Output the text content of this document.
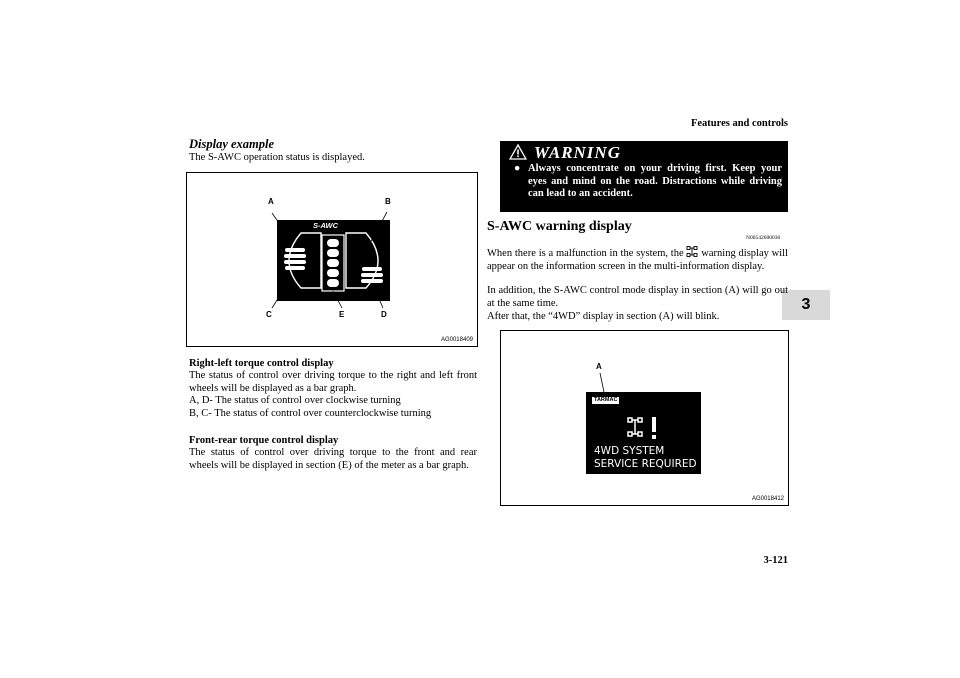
Features and controls
3
Display example
The S-AWC operation status is displayed.
A	B
C	E	D
S-AWC
AG0018409
Right-left torque control display
The status of control over driving torque to the right and left front wheels will be displayed as a bar graph.
A, D- The status of control over clockwise turning
B, C- The status of control over counterclockwise turning
Front-rear torque control display
The status of control over driving torque to the front and rear wheels will be displayed in section (E) of the meter as a bar graph.
WARNING
● Always concentrate on your driving first. Keep your eyes and mind on the road. Distractions while driving can lead to an accident.
S-AWC warning display
N00542600036
When there is a malfunction in the system, the warning display will appear on the information screen in the multi-information display.
In addition, the S-AWC control mode display in section (A) will go out at the same time.
After that, the “4WD” display in section (A) will blink.
A
TARMAC
4WD SYSTEM
SERVICE REQUIRED
AG0018412
3-121
